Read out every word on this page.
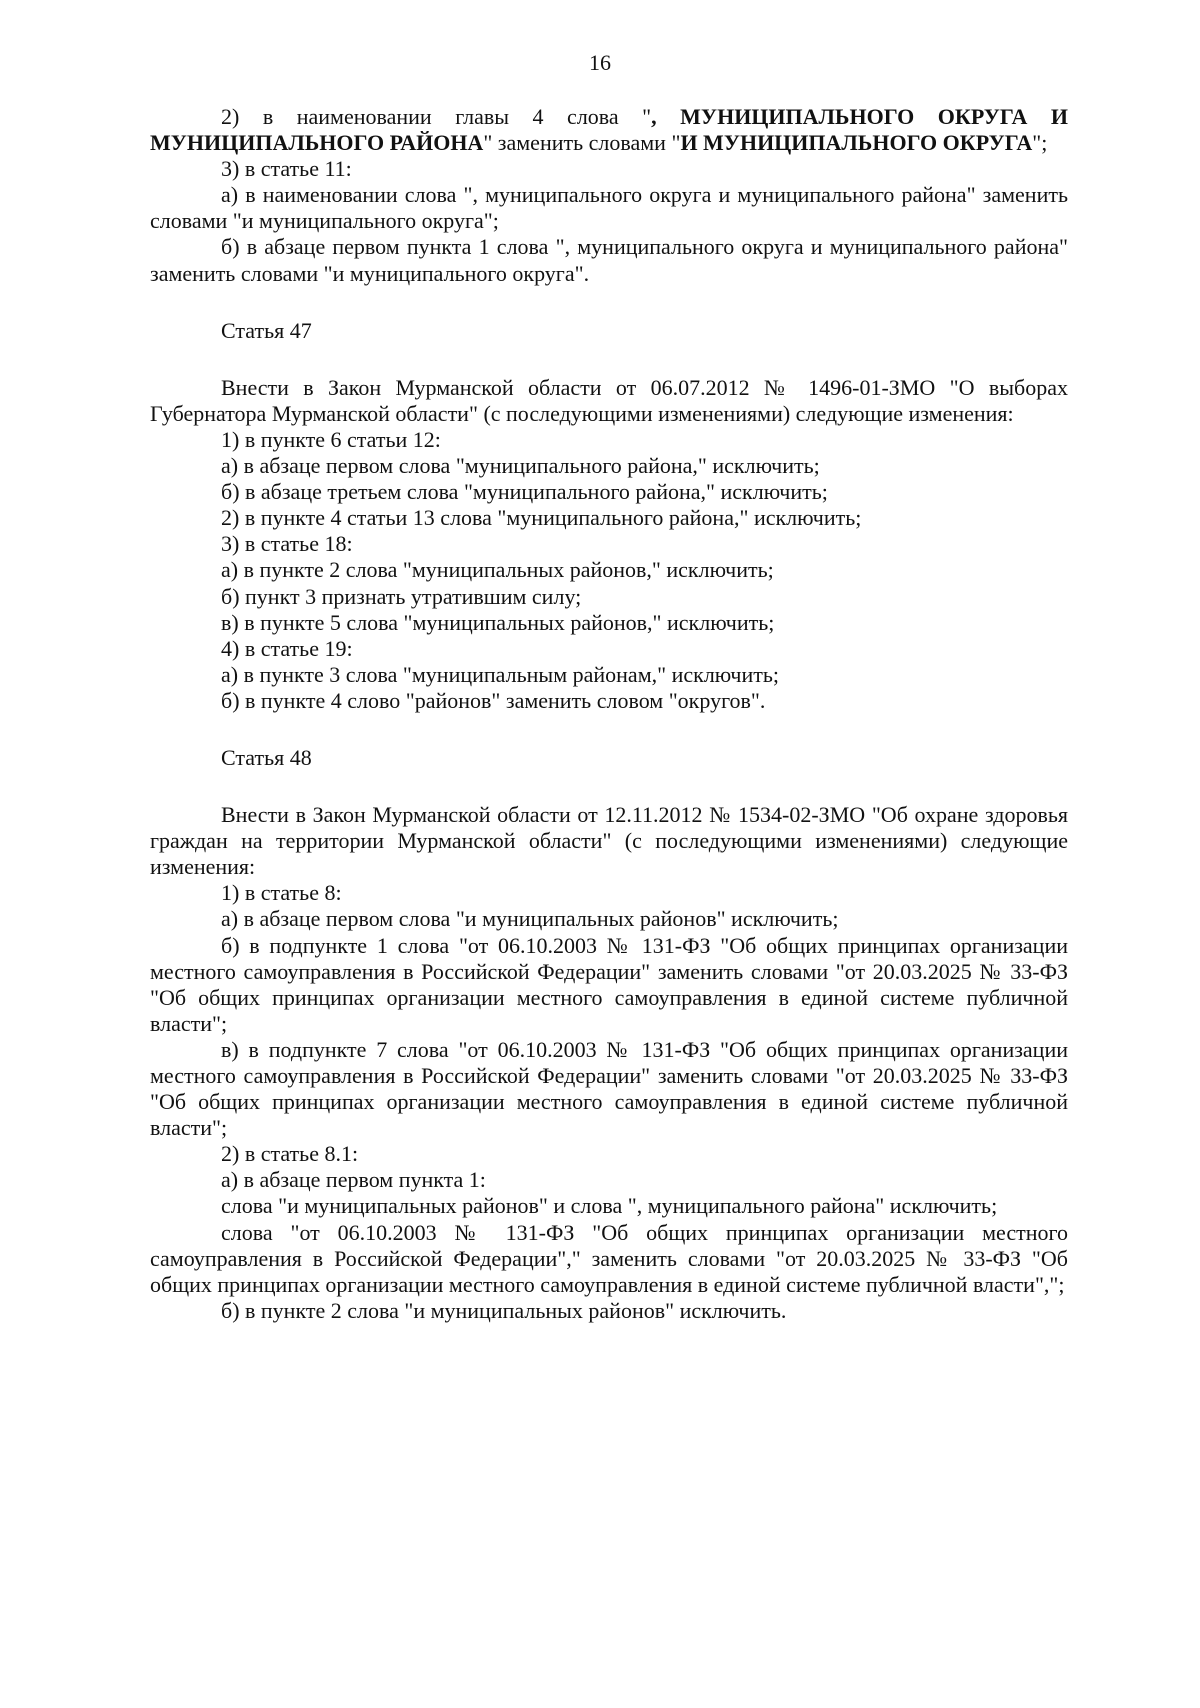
16

2) в наименовании главы 4 слова ", МУНИЦИПАЛЬНОГО ОКРУГА И МУНИЦИПАЛЬНОГО РАЙОНА" заменить словами "И МУНИЦИПАЛЬНОГО ОКРУГА";

3) в статье 11:

а) в наименовании слова ", муниципального округа и муниципального района" заменить словами "и муниципального округа";

б) в абзаце первом пункта 1 слова ", муниципального округа и муниципального района" заменить словами "и муниципального округа".

Статья 47

Внести в Закон Мурманской области от 06.07.2012 № 1496-01-ЗМО "О выборах Губернатора Мурманской области" (с последующими изменениями) следующие изменения:

1) в пункте 6 статьи 12:

а) в абзаце первом слова "муниципального района," исключить;

б) в абзаце третьем слова "муниципального района," исключить;

2) в пункте 4 статьи 13 слова "муниципального района," исключить;

3) в статье 18:

а) в пункте 2 слова "муниципальных районов," исключить;

б) пункт 3 признать утратившим силу;

в) в пункте 5 слова "муниципальных районов," исключить;

4) в статье 19:

а) в пункте 3 слова "муниципальным районам," исключить;

б) в пункте 4 слово "районов" заменить словом "округов".

Статья 48

Внести в Закон Мурманской области от 12.11.2012 № 1534-02-ЗМО "Об охране здоровья граждан на территории Мурманской области" (с последующими изменениями) следующие изменения:

1) в статье 8:

а) в абзаце первом слова "и муниципальных районов" исключить;

б) в подпункте 1 слова "от 06.10.2003 № 131-ФЗ "Об общих принципах организации местного самоуправления в Российской Федерации" заменить словами "от 20.03.2025 № 33-ФЗ "Об общих принципах организации местного самоуправления в единой системе публичной власти";

в) в подпункте 7 слова "от 06.10.2003 № 131-ФЗ "Об общих принципах организации местного самоуправления в Российской Федерации" заменить словами "от 20.03.2025 № 33-ФЗ "Об общих принципах организации местного самоуправления в единой системе публичной власти";

2) в статье 8.1:

а) в абзаце первом пункта 1:

слова "и муниципальных районов" и слова ", муниципального района" исключить;

слова "от 06.10.2003 № 131-ФЗ "Об общих принципах организации местного самоуправления в Российской Федерации"," заменить словами "от 20.03.2025 № 33-ФЗ "Об общих принципах организации местного самоуправления в единой системе публичной власти",";

б) в пункте 2 слова "и муниципальных районов" исключить.
